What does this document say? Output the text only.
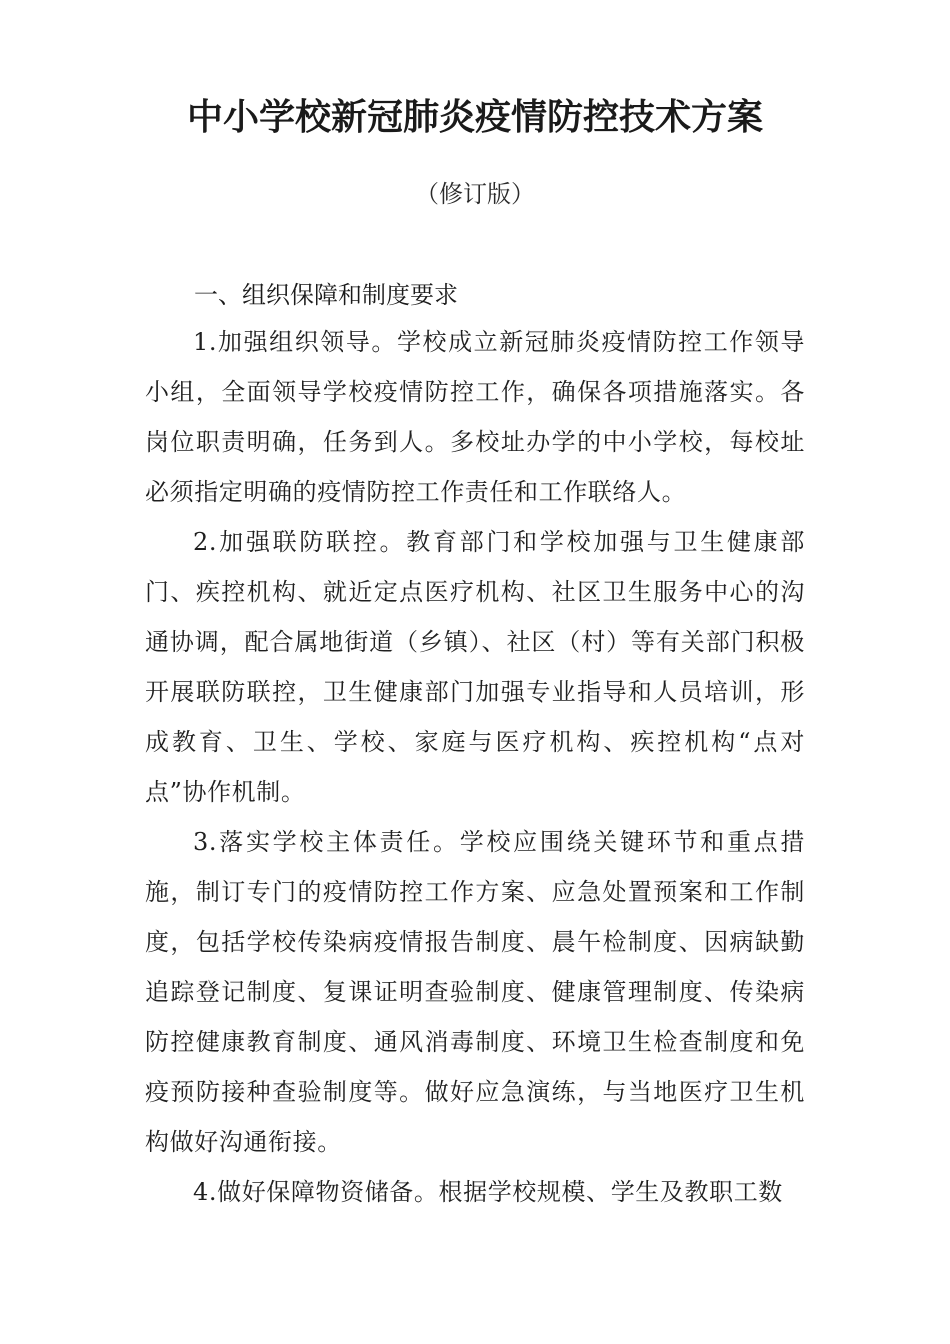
中小学校新冠肺炎疫情防控技术方案
（修订版）
一、组织保障和制度要求

1.加强组织领导。学校成立新冠肺炎疫情防控工作领导小组，全面领导学校疫情防控工作，确保各项措施落实。各岗位职责明确，任务到人。多校址办学的中小学校，每校址必须指定明确的疫情防控工作责任和工作联络人。

2.加强联防联控。教育部门和学校加强与卫生健康部门、疾控机构、就近定点医疗机构、社区卫生服务中心的沟通协调，配合属地街道（乡镇）、社区（村）等有关部门积极开展联防联控，卫生健康部门加强专业指导和人员培训，形成教育、卫生、学校、家庭与医疗机构、疾控机构“点对点”协作机制。

3.落实学校主体责任。学校应围绕关键环节和重点措施，制订专门的疫情防控工作方案、应急处置预案和工作制度，包括学校传染病疫情报告制度、晨午检制度、因病缺勤追踪登记制度、复课证明查验制度、健康管理制度、传染病防控健康教育制度、通风消毒制度、环境卫生检查制度和免疫预防接种查验制度等。做好应急演练，与当地医疗卫生机构做好沟通衔接。

4.做好保障物资储备。根据学校规模、学生及教职工数
